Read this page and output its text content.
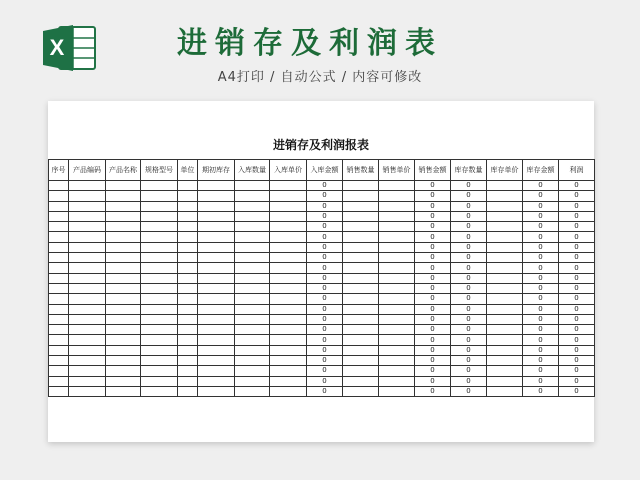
X	进销存及利润表
A4打印 / 自动公式 / 内容可修改
进销存及利润报表
序号	产品编码	产品名称	规格型号	单位	期初库存	入库数量	入库单价	入库金额	销售数量	销售单价	销售金额	库存数量	库存单价	库存金额	利润
								0			0	0		0	0
								0			0	0		0	0
								0			0	0		0	0
								0			0	0		0	0
								0			0	0		0	0
								0			0	0		0	0
								0			0	0		0	0
								0			0	0		0	0
								0			0	0		0	0
								0			0	0		0	0
								0			0	0		0	0
								0			0	0		0	0
								0			0	0		0	0
								0			0	0		0	0
								0			0	0		0	0
								0			0	0		0	0
								0			0	0		0	0
								0			0	0		0	0
								0			0	0		0	0
								0			0	0		0	0
								0			0	0		0	0
